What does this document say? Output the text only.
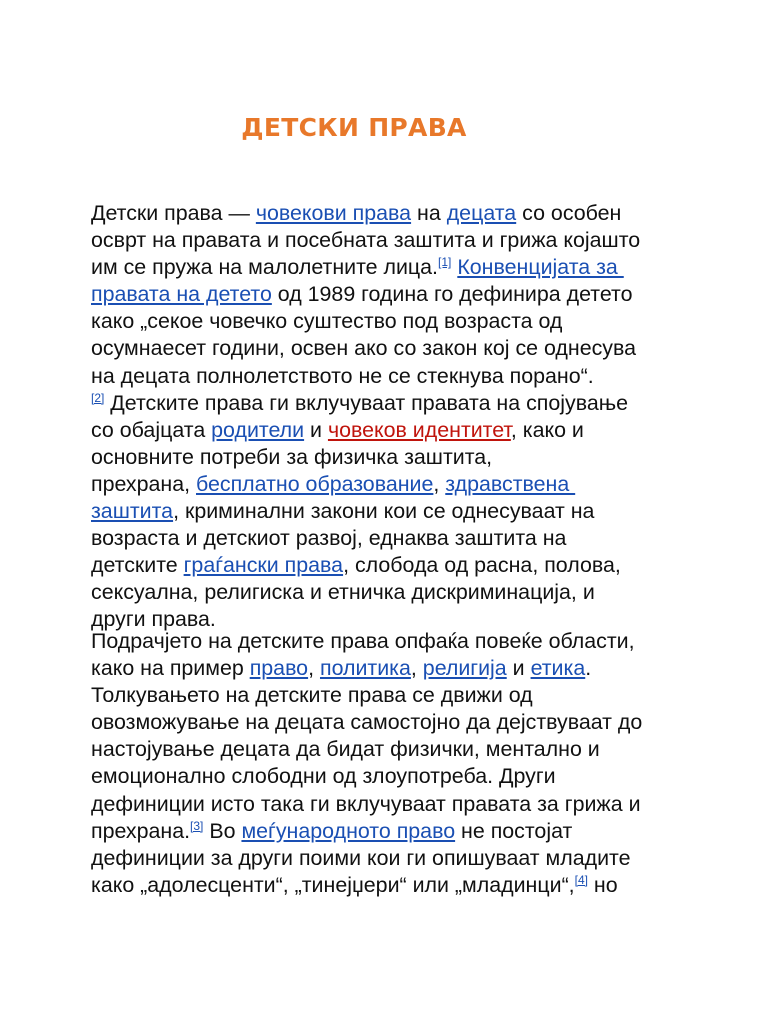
ДЕТСКИ ПРАВА
Детски права — човекови права на децата со особен
осврт на правата и посебната заштита и грижа којашто
им се пружа на малолетните лица.[1] Конвенцијата за
правата на детето од 1989 година го дефинира детето
како „секое човечко суштество под возраста од
осумнаесет години, освен ако со закон кој се однесува
на децата полнолетството не се стекнува порано“.
[2] Детските права ги вклучуваат правата на спојување
со обајцата родители и човеков идентитет, како и
основните потреби за физичка заштита,
прехрана, бесплатно образование, здравствена
заштита, криминални закони кои се однесуваат на
возраста и детскиот развој, еднаква заштита на
детските граѓански права, слобода од расна, полова,
сексуална, религиска и етничка дискриминација, и
други права.
Подрачјето на детските права опфаќа повеќе области,
како на пример право, политика, религија и етика.
Толкувањето на детските права се движи од
овозможување на децата самостојно да дејствуваат до
настојување децата да бидат физички, ментално и
емоционално слободни од злоупотреба. Други
дефиниции исто така ги вклучуваат правата за грижа и
прехрана.[3] Во меѓународното право не постојат
дефиниции за други поими кои ги опишуваат младите
како „адолесценти“, „тинејџери“ или „младинци“,[4] но
